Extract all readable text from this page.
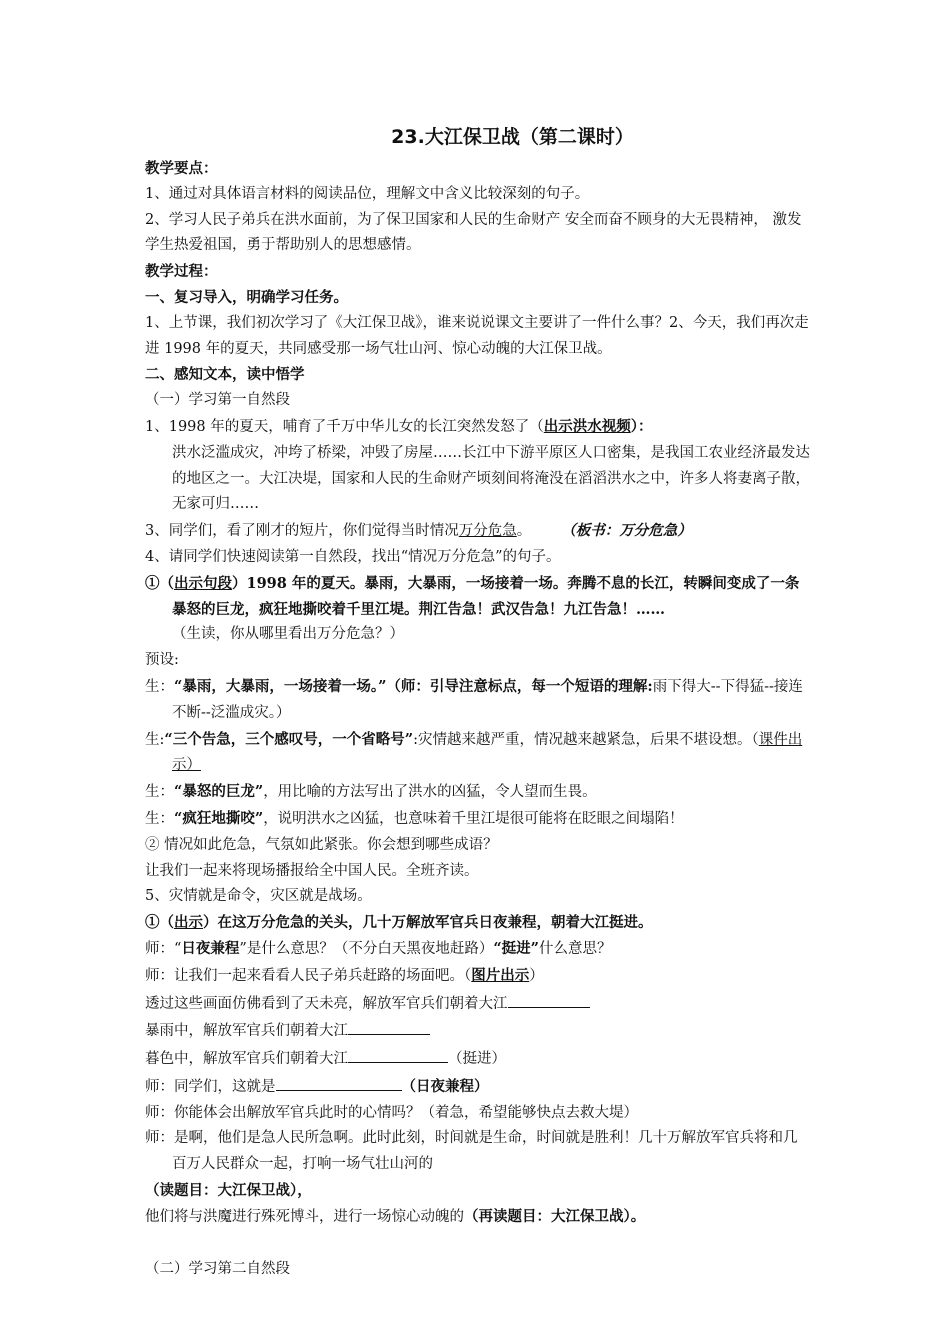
23.大江保卫战（第二课时）
教学要点：
1、通过对具体语言材料的阅读品位，理解文中含义比较深刻的句子。
2、学习人民子弟兵在洪水面前，为了保卫国家和人民的生命财产 安全而奋不顾身的大无畏精神， 激发学生热爱祖国，勇于帮助别人的思想感情。
教学过程：
一、复习导入，明确学习任务。
1、上节课，我们初次学习了《大江保卫战》，谁来说说课文主要讲了一件什么事？2、今天，我们再次走进 1998 年的夏天，共同感受那一场气壮山河、惊心动魄的大江保卫战。
二、感知文本，读中悟学
（一）学习第一自然段
1、1998 年的夏天，哺育了千万中华儿女的长江突然发怒了（出示洪水视频）：
洪水泛滥成灾，冲垮了桥梁，冲毁了房屋……长江中下游平原区人口密集，是我国工农业经济最发达的地区之一。大江决堤，国家和人民的生命财产顷刻间将淹没在滔滔洪水之中，许多人将妻离子散，无家可归……
3、同学们，看了刚才的短片，你们觉得当时情况万分危急。 （板书：万分危急）
4、请同学们快速阅读第一自然段，找出“情况万分危急”的句子。
①（出示句段）1998 年的夏天。暴雨，大暴雨，一场接着一场。奔腾不息的长江，转瞬间变成了一条暴怒的巨龙，疯狂地撕咬着千里江堤。荆江告急！武汉告急！九江告急！……
（生读，你从哪里看出万分危急？）
预设:
生：“暴雨，大暴雨，一场接着一场。”（师：引导注意标点，每一个短语的理解:雨下得大--下得猛--接连不断--泛滥成灾。）
生:“三个告急，三个感叹号，一个省略号”:灾情越来越严重，情况越来越紧急，后果不堪设想。（课件出示）
生：“暴怒的巨龙”，用比喻的方法写出了洪水的凶猛，令人望而生畏。
生：“疯狂地撕咬”，说明洪水之凶猛，也意味着千里江堤很可能将在眨眼之间塌陷！
② 情况如此危急，气氛如此紧张。你会想到哪些成语？
让我们一起来将现场播报给全中国人民。全班齐读。
5、灾情就是命令，灾区就是战场。
①（出示）在这万分危急的关头，几十万解放军官兵日夜兼程，朝着大江挺进。
师：“日夜兼程”是什么意思？（不分白天黑夜地赶路）“挺进”什么意思？
师：让我们一起来看看人民子弟兵赶路的场面吧。（图片出示）
透过这些画面仿佛看到了天未亮，解放军官兵们朝着大江
暴雨中，解放军官兵们朝着大江
暮色中，解放军官兵们朝着大江	（挺进）
师：同学们，这就是	（日夜兼程）
师：你能体会出解放军官兵此时的心情吗？（着急，希望能够快点去救大堤）
师：是啊，他们是急人民所急啊。此时此刻，时间就是生命，时间就是胜利！几十万解放军官兵将和几百万人民群众一起，打响一场气壮山河的
（读题目：大江保卫战），
他们将与洪魔进行殊死博斗，进行一场惊心动魄的（再读题目：大江保卫战）。
（二）学习第二自然段
